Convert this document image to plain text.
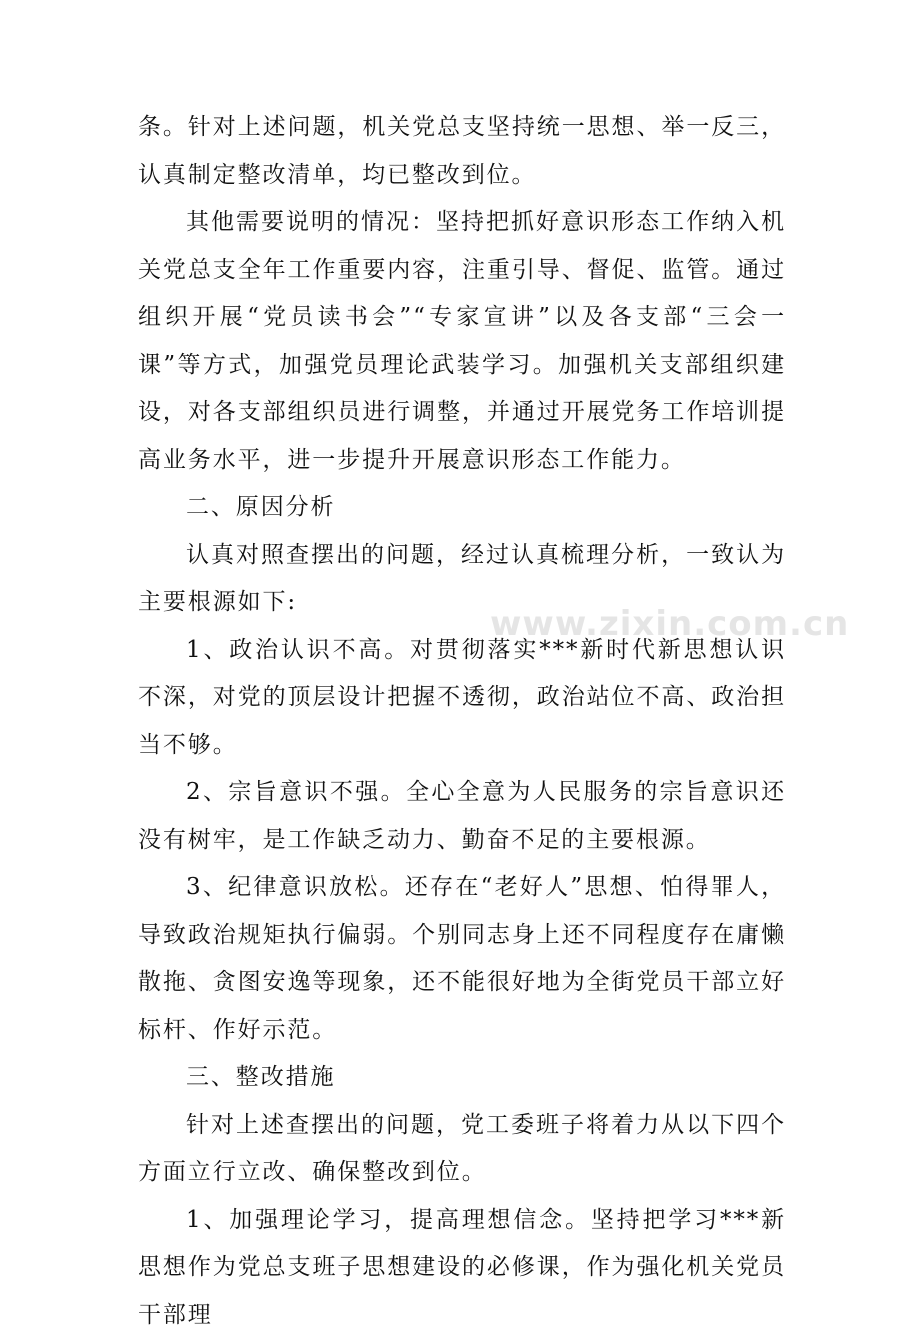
条。针对上述问题，机关党总支坚持统一思想、举一反三，认真制定整改清单，均已整改到位。

其他需要说明的情况：坚持把抓好意识形态工作纳入机关党总支全年工作重要内容，注重引导、督促、监管。通过组织开展“党员读书会”“专家宣讲”以及各支部“三会一课”等方式，加强党员理论武装学习。加强机关支部组织建设，对各支部组织员进行调整，并通过开展党务工作培训提高业务水平，进一步提升开展意识形态工作能力。

二、原因分析

认真对照查摆出的问题，经过认真梳理分析，一致认为主要根源如下:

1、政治认识不高。对贯彻落实***新时代新思想认识不深，对党的顶层设计把握不透彻，政治站位不高、政治担当不够。

2、宗旨意识不强。全心全意为人民服务的宗旨意识还没有树牢，是工作缺乏动力、勤奋不足的主要根源。

3、纪律意识放松。还存在“老好人”思想、怕得罪人，导致政治规矩执行偏弱。个别同志身上还不同程度存在庸懒散拖、贪图安逸等现象，还不能很好地为全街党员干部立好标杆、作好示范。

三、整改措施

针对上述查摆出的问题，党工委班子将着力从以下四个方面立行立改、确保整改到位。

1、加强理论学习，提高理想信念。坚持把学习***新思想作为党总支班子思想建设的必修课，作为强化机关党员干部理

www.zixin.com.cn
